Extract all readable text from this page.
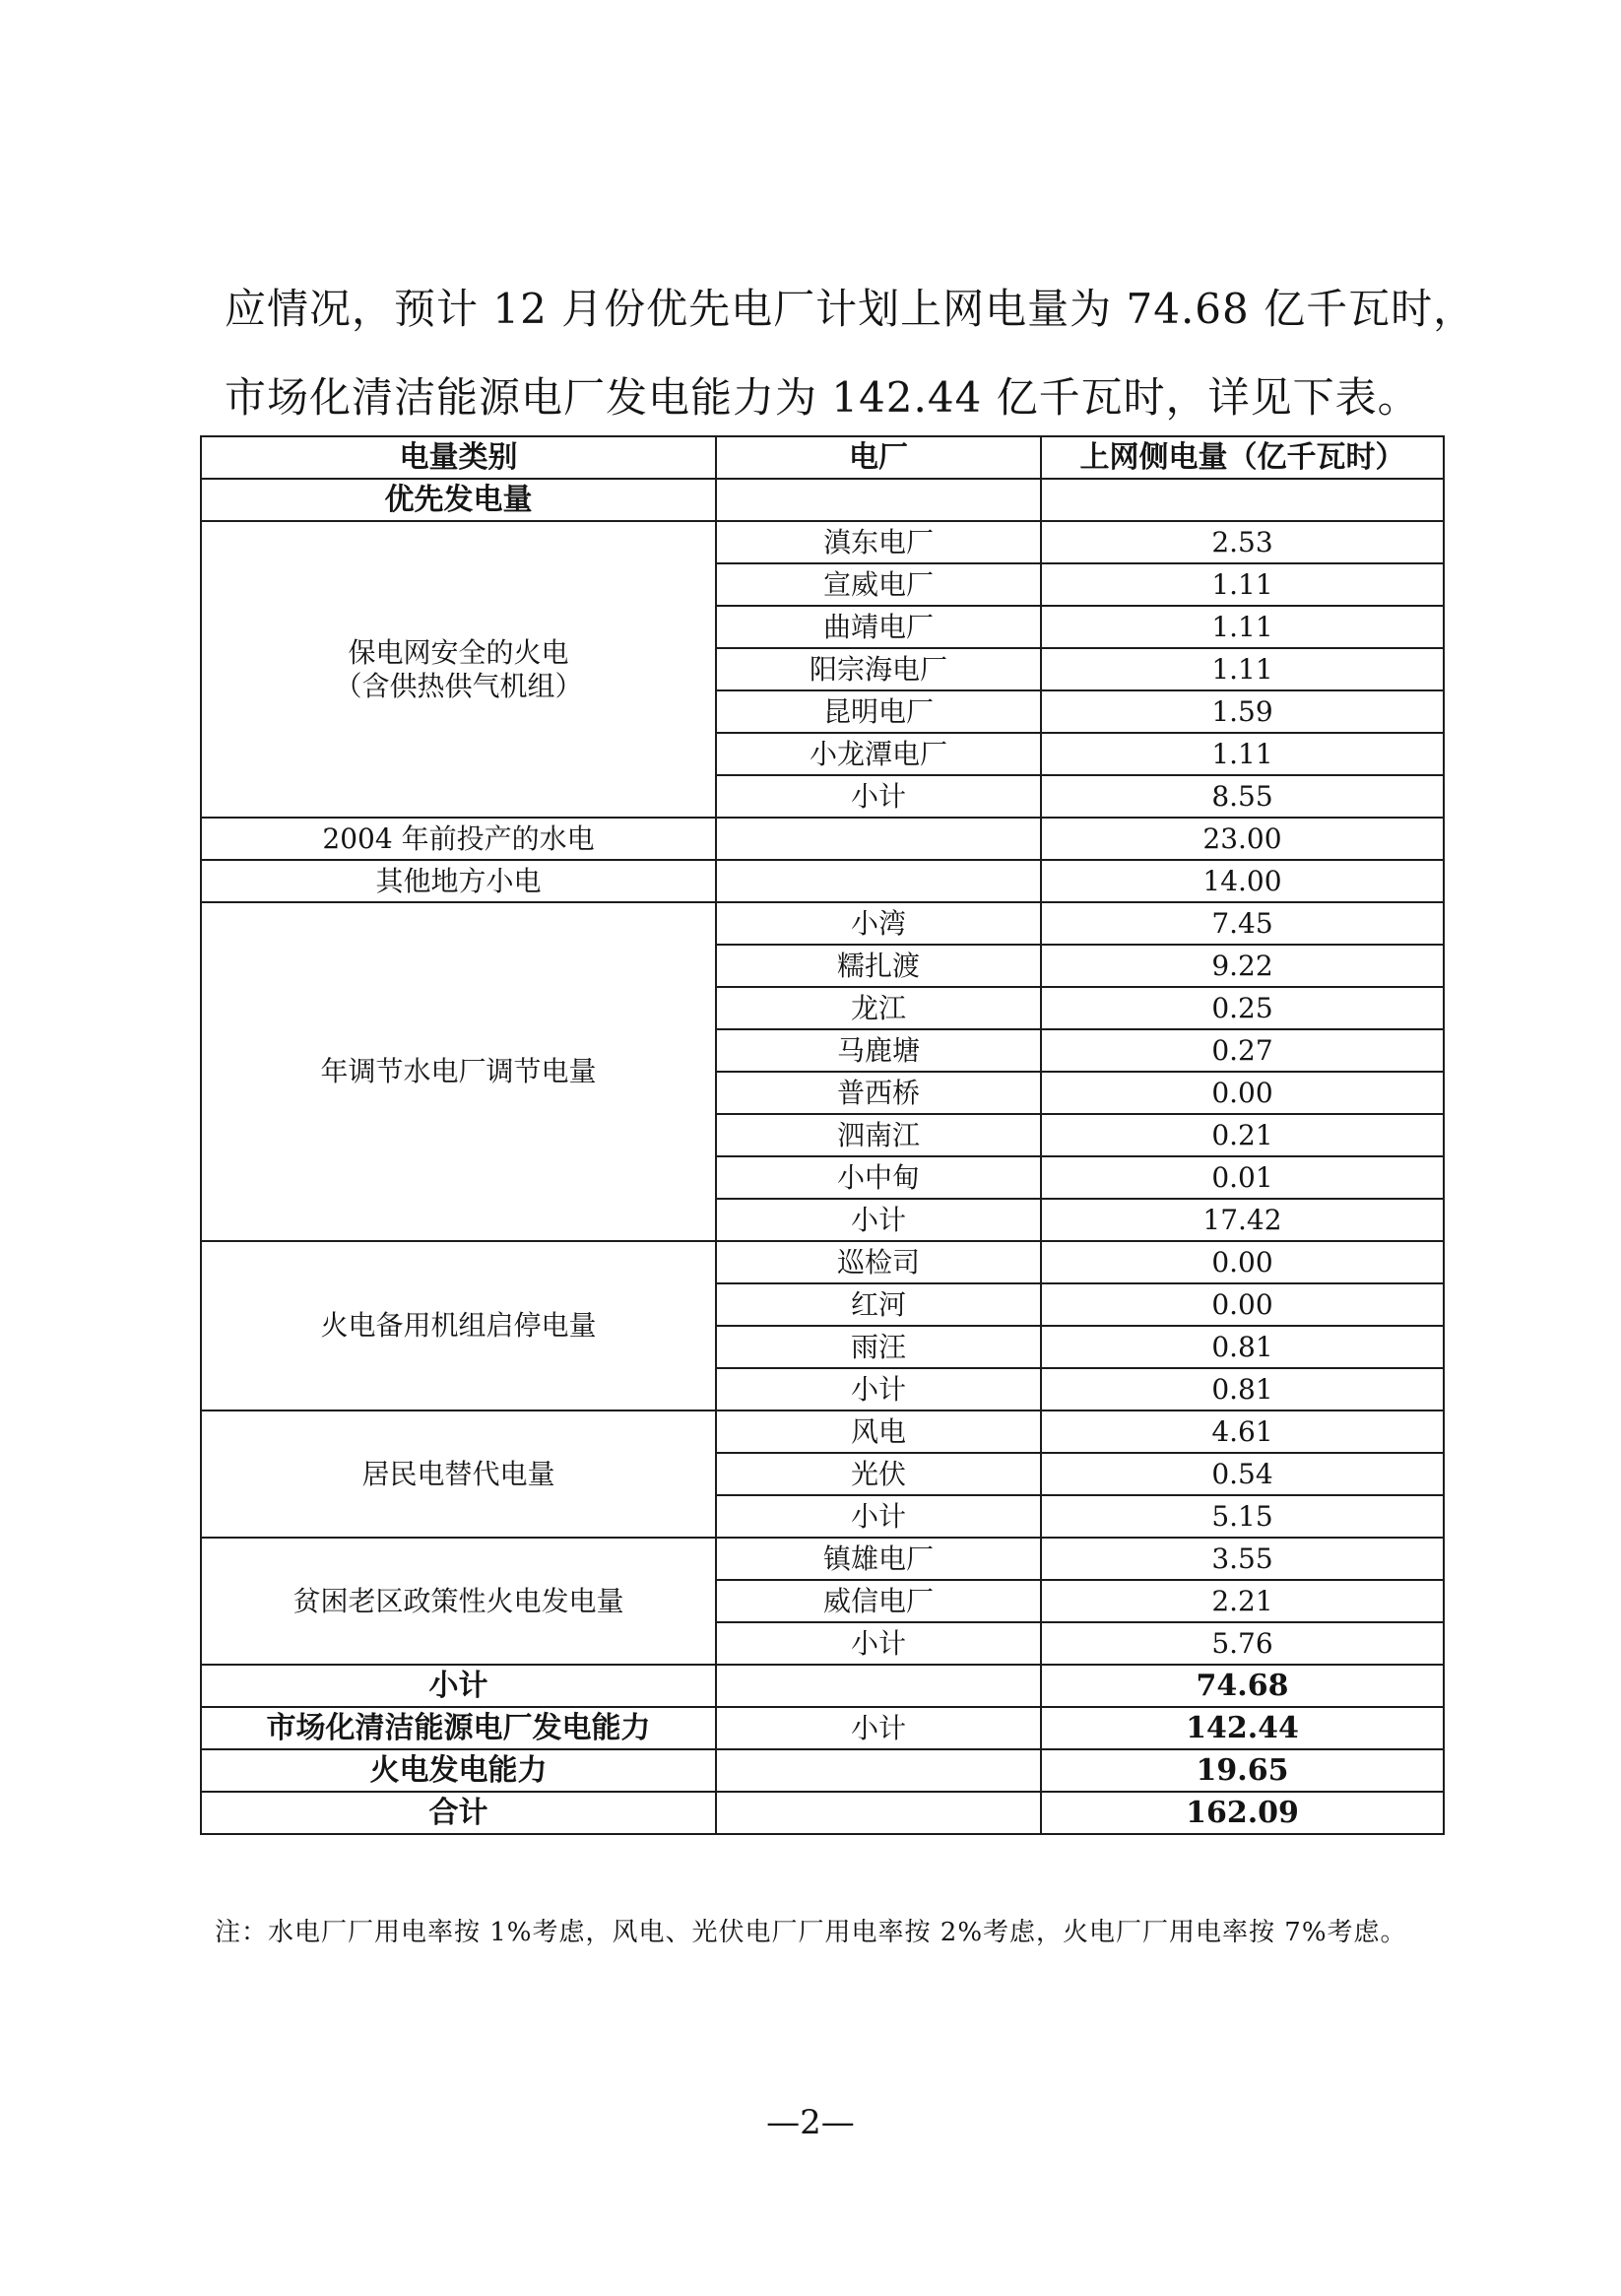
应情况，预计 12 月份优先电厂计划上网电量为 74.68 亿千瓦时，
市场化清洁能源电厂发电能力为 142.44 亿千瓦时，详见下表。
电量类别	电厂	上网侧电量（亿千瓦时）
优先发电量		

保电网安全的火电
（含供热供气机组）	滇东电厂	2.53
	宣威电厂	1.11
	曲靖电厂	1.11
	阳宗海电厂	1.11
	昆明电厂	1.59
	小龙潭电厂	1.11
	小计	8.55
2004 年前投产的水电		23.00
其他地方小电		14.00
年调节水电厂调节电量	小湾	7.45
	糯扎渡	9.22
	龙江	0.25
	马鹿塘	0.27
	普西桥	0.00
	泗南江	0.21
	小中甸	0.01
	小计	17.42
火电备用机组启停电量	巡检司	0.00
	红河	0.00
	雨汪	0.81
	小计	0.81
居民电替代电量	风电	4.61
	光伏	0.54
	小计	5.15
贫困老区政策性火电发电量	镇雄电厂	3.55
	威信电厂	2.21
	小计	5.76
小计		74.68
市场化清洁能源电厂发电能力	小计	142.44
火电发电能力		19.65
合计		162.09
注：水电厂厂用电率按 1%考虑，风电、光伏电厂厂用电率按 2%考虑，火电厂厂用电率按 7%考虑。
—2—
